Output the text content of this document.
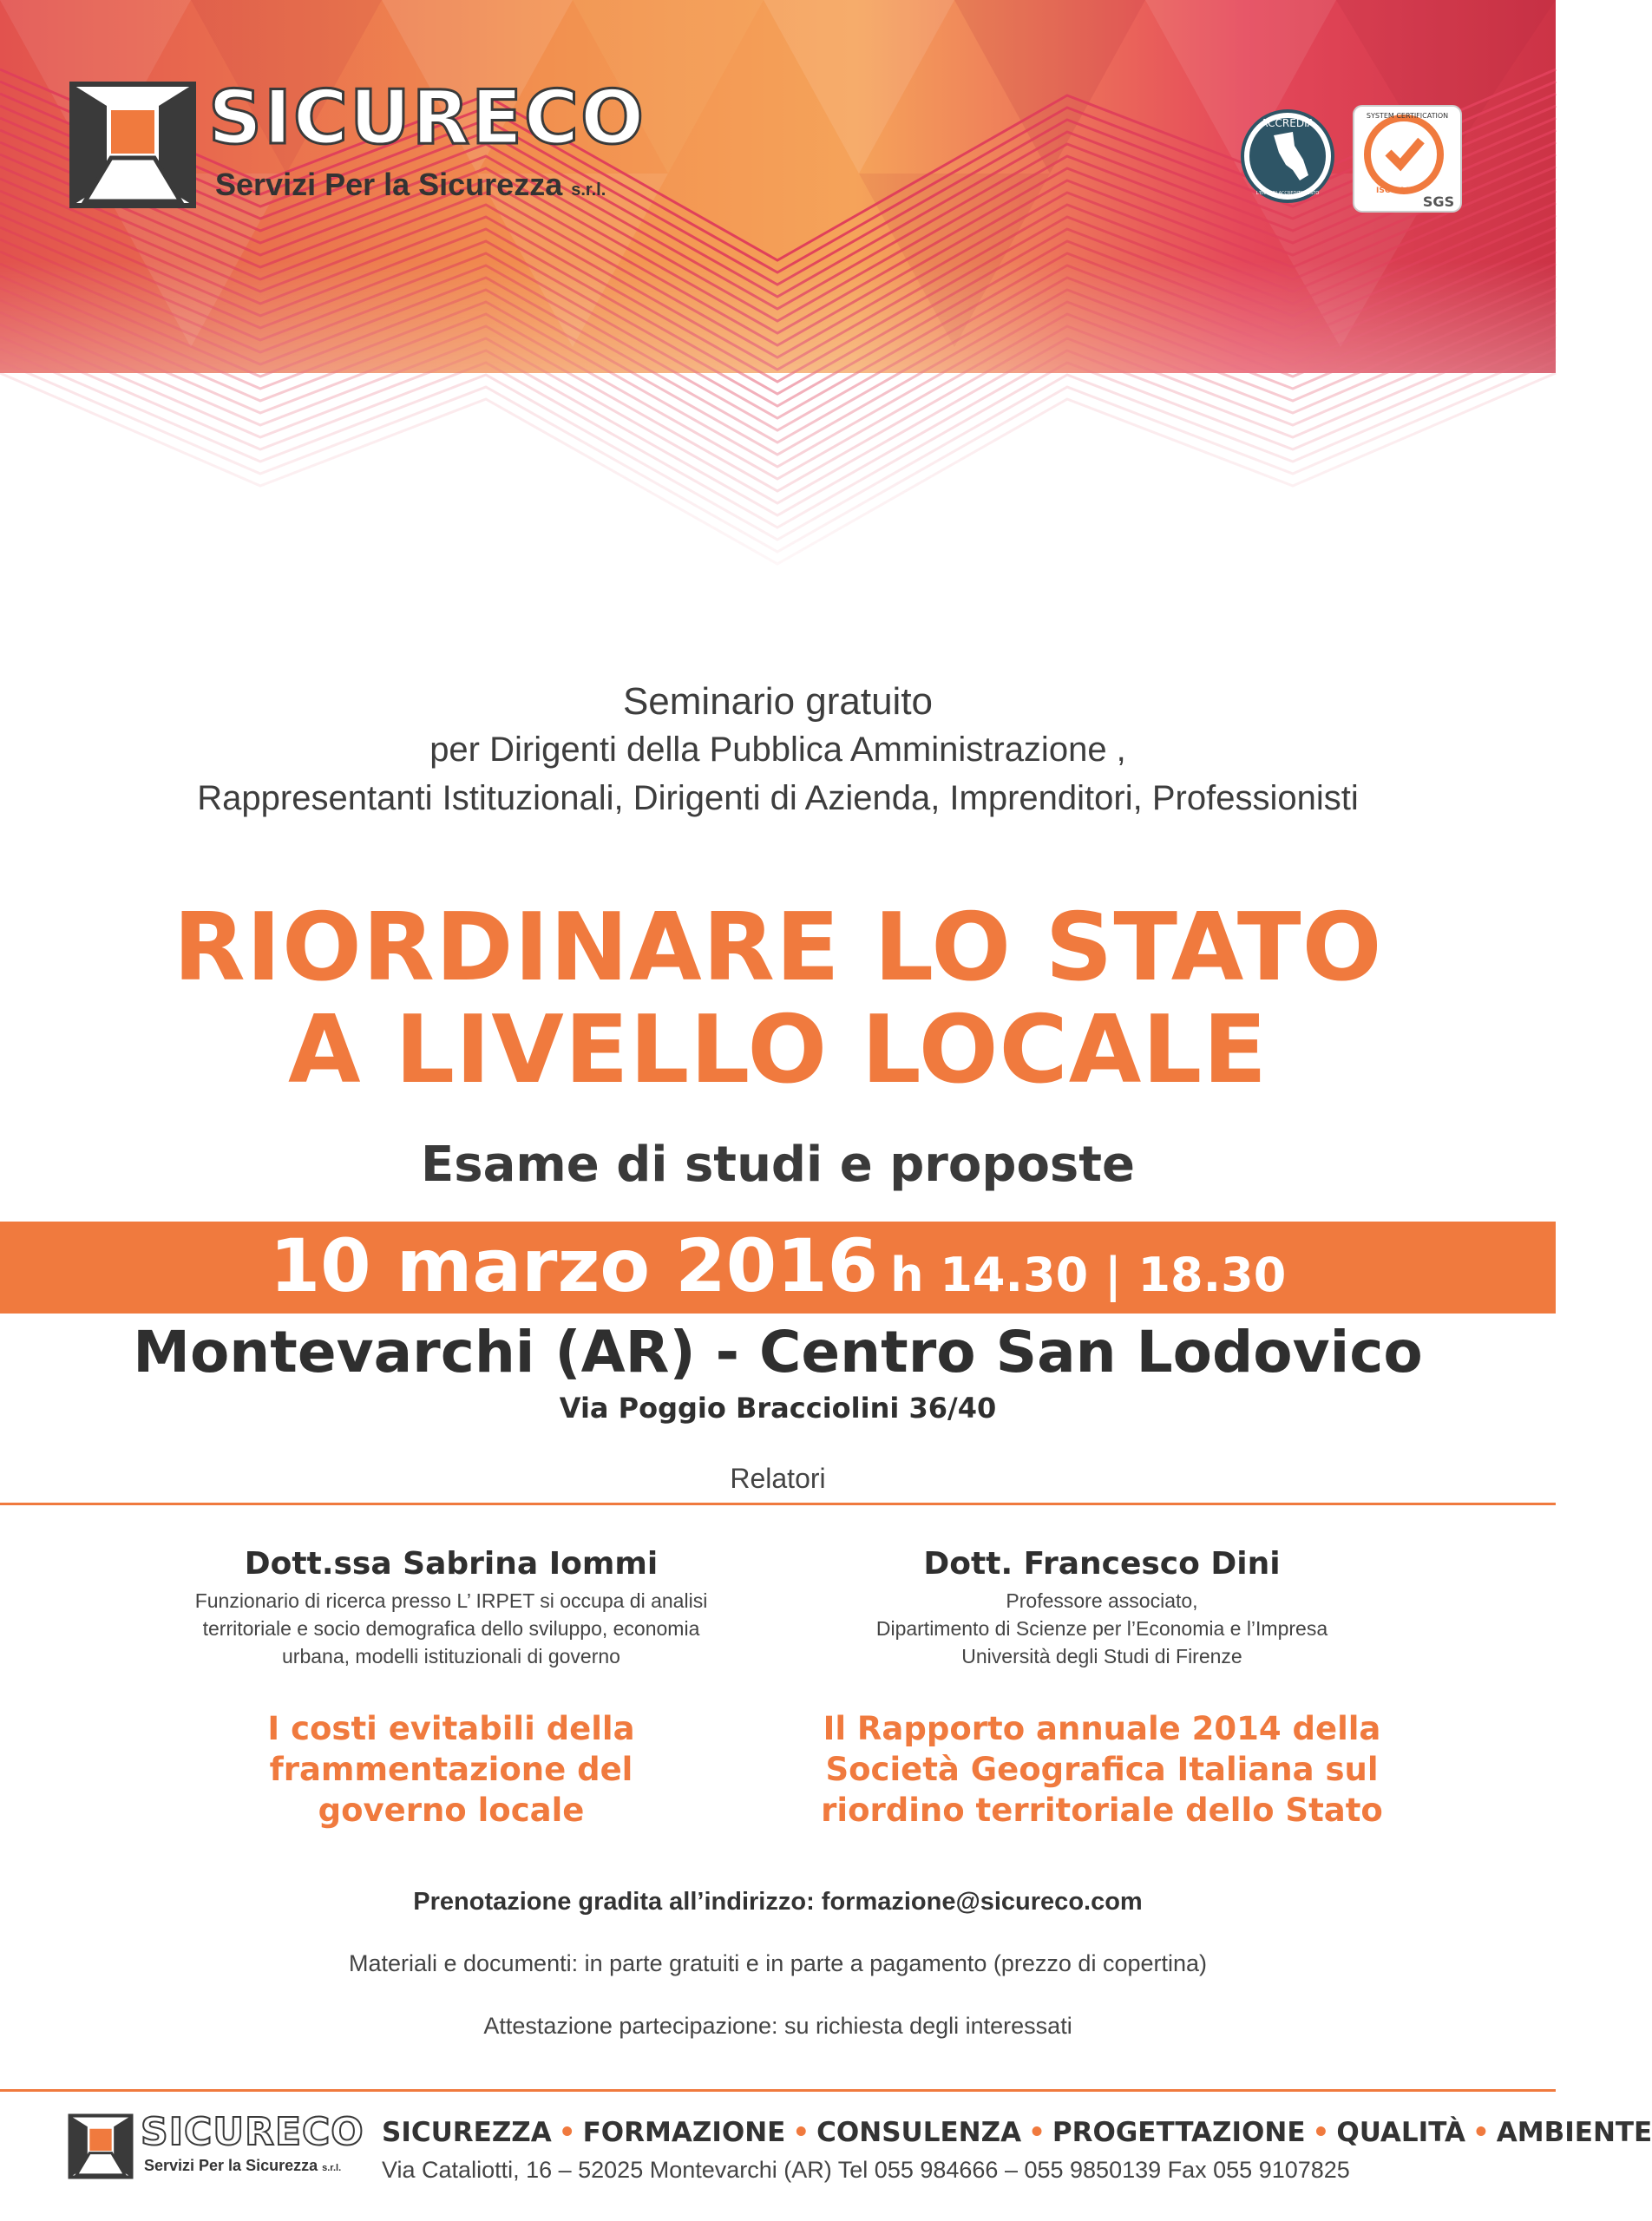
SICURECO
Servizi Per la Sicurezza s.r.l.
ACCREDIA
L'ENTE DI ACCREDITAMENTO
SYSTEM CERTIFICATION
ISO 9001
SGS
Seminario gratuito
per Dirigenti della Pubblica Amministrazione ,
Rappresentanti Istituzionali, Dirigenti di Azienda, Imprenditori, Professionisti
RIORDINARE LO STATO
A LIVELLO LOCALE
Esame di studi e proposte
10 marzo 2016 h 14.30 | 18.30
Montevarchi (AR) - Centro San Lodovico
Via Poggio Bracciolini 36/40
Relatori
Dott.ssa Sabrina Iommi
Funzionario di ricerca presso L’ IRPET si occupa di analisi
territoriale e socio demografica dello sviluppo, economia
urbana, modelli istituzionali di governo
I costi evitabili della
frammentazione del
governo locale
Dott. Francesco Dini
Professore associato,
Dipartimento di Scienze per l’Economia e l’Impresa
Università degli Studi di Firenze
Il Rapporto annuale 2014 della
Società Geografica Italiana sul
riordino territoriale dello Stato
Prenotazione gradita all’indirizzo: formazione@sicureco.com
Materiali e documenti: in parte gratuiti e in parte a pagamento (prezzo di copertina)
Attestazione partecipazione: su richiesta degli interessati
SICURECO
Servizi Per la Sicurezza s.r.l.
SICUREZZA • FORMAZIONE • CONSULENZA • PROGETTAZIONE • QUALITÀ • AMBIENTE
Via Cataliotti, 16 – 52025 Montevarchi (AR) Tel 055 984666 – 055 9850139 Fax 055 9107825
